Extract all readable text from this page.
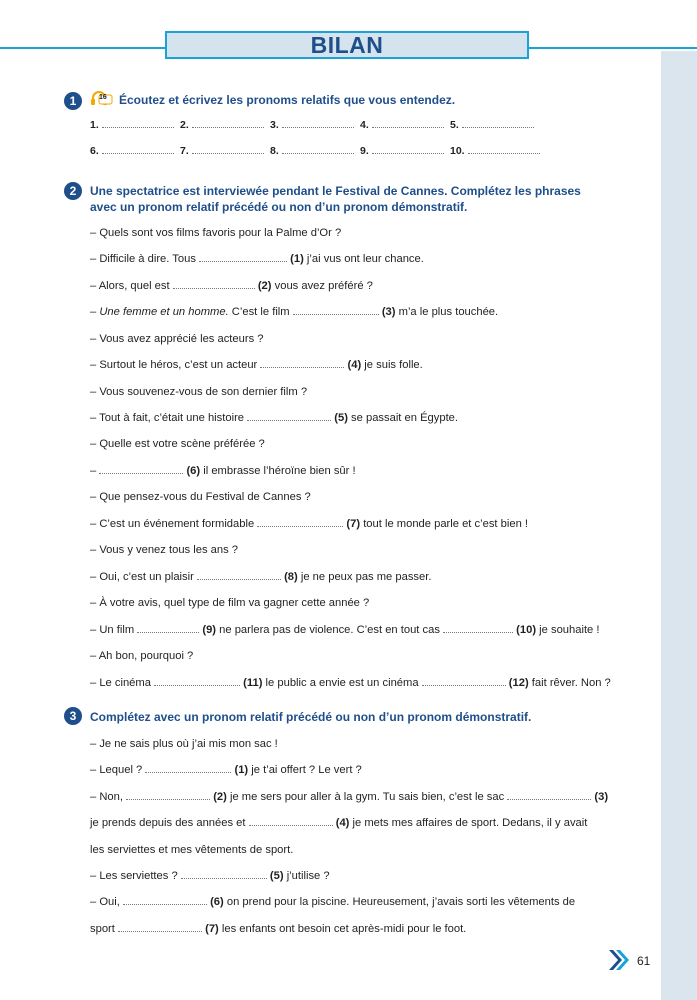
BILAN
1	16 Écoutez et écrivez les pronoms relatifs que vous entendez.
1.	2.	3.	4.	5.
6.	7.	8.	9.	10.
2	Une spectatrice est interviewée pendant le Festival de Cannes. Complétez les phrases
avec un pronom relatif précédé ou non d’un pronom démonstratif.
– Quels sont vos films favoris pour la Palme d’Or ?
– Difficile à dire. Tous	(1) j’ai vus ont leur chance.
– Alors, quel est	(2) vous avez préféré ?
– Une femme et un homme. C’est le film	(3) m’a le plus touchée.
– Vous avez apprécié les acteurs ?
– Surtout le héros, c’est un acteur	(4) je suis folle.
– Vous souvenez-vous de son dernier film ?
– Tout à fait, c’était une histoire	(5) se passait en Égypte.
– Quelle est votre scène préférée ?
–	(6) il embrasse l’héroïne bien sûr !
– Que pensez-vous du Festival de Cannes ?
– C’est un événement formidable	(7) tout le monde parle et c’est bien !
– Vous y venez tous les ans ?
– Oui, c’est un plaisir	(8) je ne peux pas me passer.
– À votre avis, quel type de film va gagner cette année ?
– Un film	(9) ne parlera pas de violence. C’est en tout cas	(10) je souhaite !
– Ah bon, pourquoi ?
– Le cinéma	(11) le public a envie est un cinéma	(12) fait rêver. Non ?
3	Complétez avec un pronom relatif précédé ou non d’un pronom démonstratif.
– Je ne sais plus où j’ai mis mon sac !
– Lequel ?	(1) je t’ai offert ? Le vert ?
– Non,	(2) je me sers pour aller à la gym. Tu sais bien, c’est le sac	(3)
je prends depuis des années et	(4) je mets mes affaires de sport. Dedans, il y avait
les serviettes et mes vêtements de sport.
– Les serviettes ?	(5) j’utilise ?
– Oui,	(6) on prend pour la piscine. Heureusement, j’avais sorti les vêtements de
sport	(7) les enfants ont besoin cet après-midi pour le foot.
61
